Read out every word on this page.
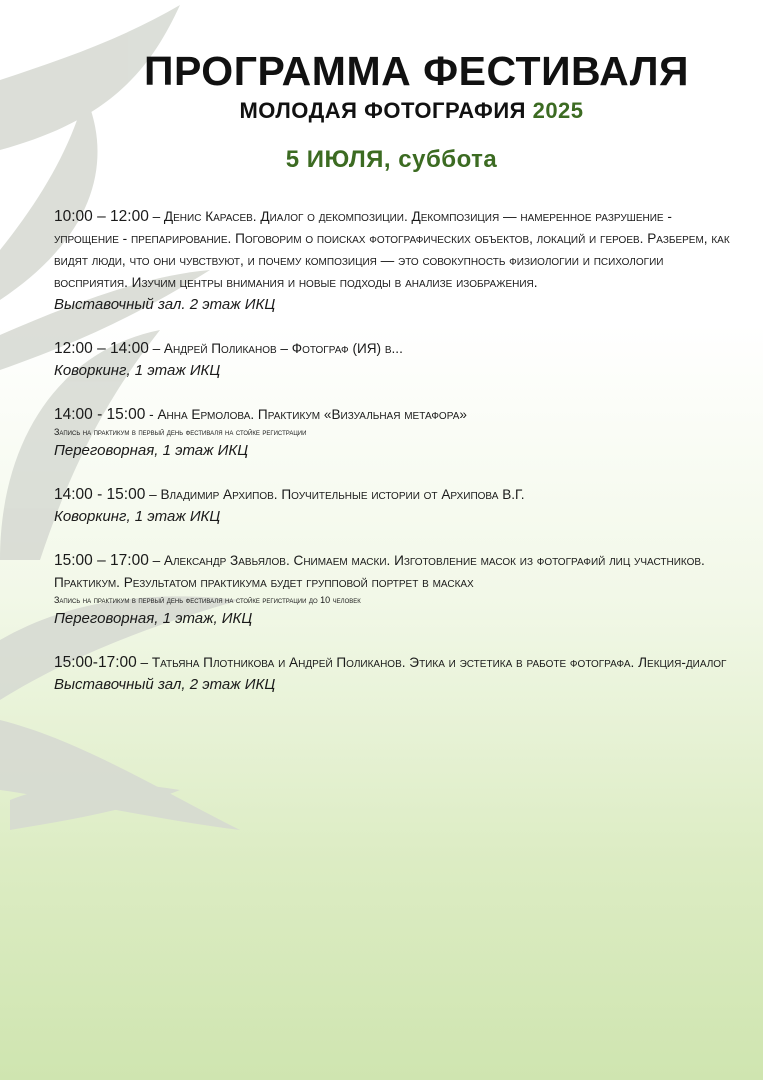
ПРОГРАММА ФЕСТИВАЛЯ
МОЛОДАЯ ФОТОГРАФИЯ 2025
5 ИЮЛЯ, суббота
10:00 – 12:00 – Денис Карасев. Диалог о декомпозиции. Декомпозиция — намеренное разрушение - упрощение - препарирование. Поговорим о поисках фотографических объектов, локаций и героев. Разберем, как видят люди, что они чувствуют, и почему композиция — это совокупность физиологии и психологии восприятия. Изучим центры внимания и новые подходы в анализе изображения.
Выставочный зал. 2 этаж ИКЦ
12:00 – 14:00 – Андрей Поликанов – Фотограф (ИЯ) в...
Коворкинг, 1 этаж ИКЦ
14:00 - 15:00 - Анна Ермолова. Практикум «Визуальная метафора»
Запись на практикум в первый день фестиваля на стойке регистрации
Переговорная, 1 этаж ИКЦ
14:00 - 15:00 – Владимир Архипов. Поучительные истории от Архипова В.Г.
Коворкинг, 1 этаж ИКЦ
15:00 – 17:00 – Александр Завьялов. Снимаем маски. Изготовление масок из фотографий лиц участников. Практикум. Результатом практикума будет групповой портрет в масках
Запись на практикум в первый день фестиваля на стойке регистрации до 10 человек
Переговорная, 1 этаж, ИКЦ
15:00-17:00 – Татьяна Плотникова и Андрей Поликанов. Этика и эстетика в работе фотографа. Лекция-диалог
Выставочный зал, 2 этаж ИКЦ
